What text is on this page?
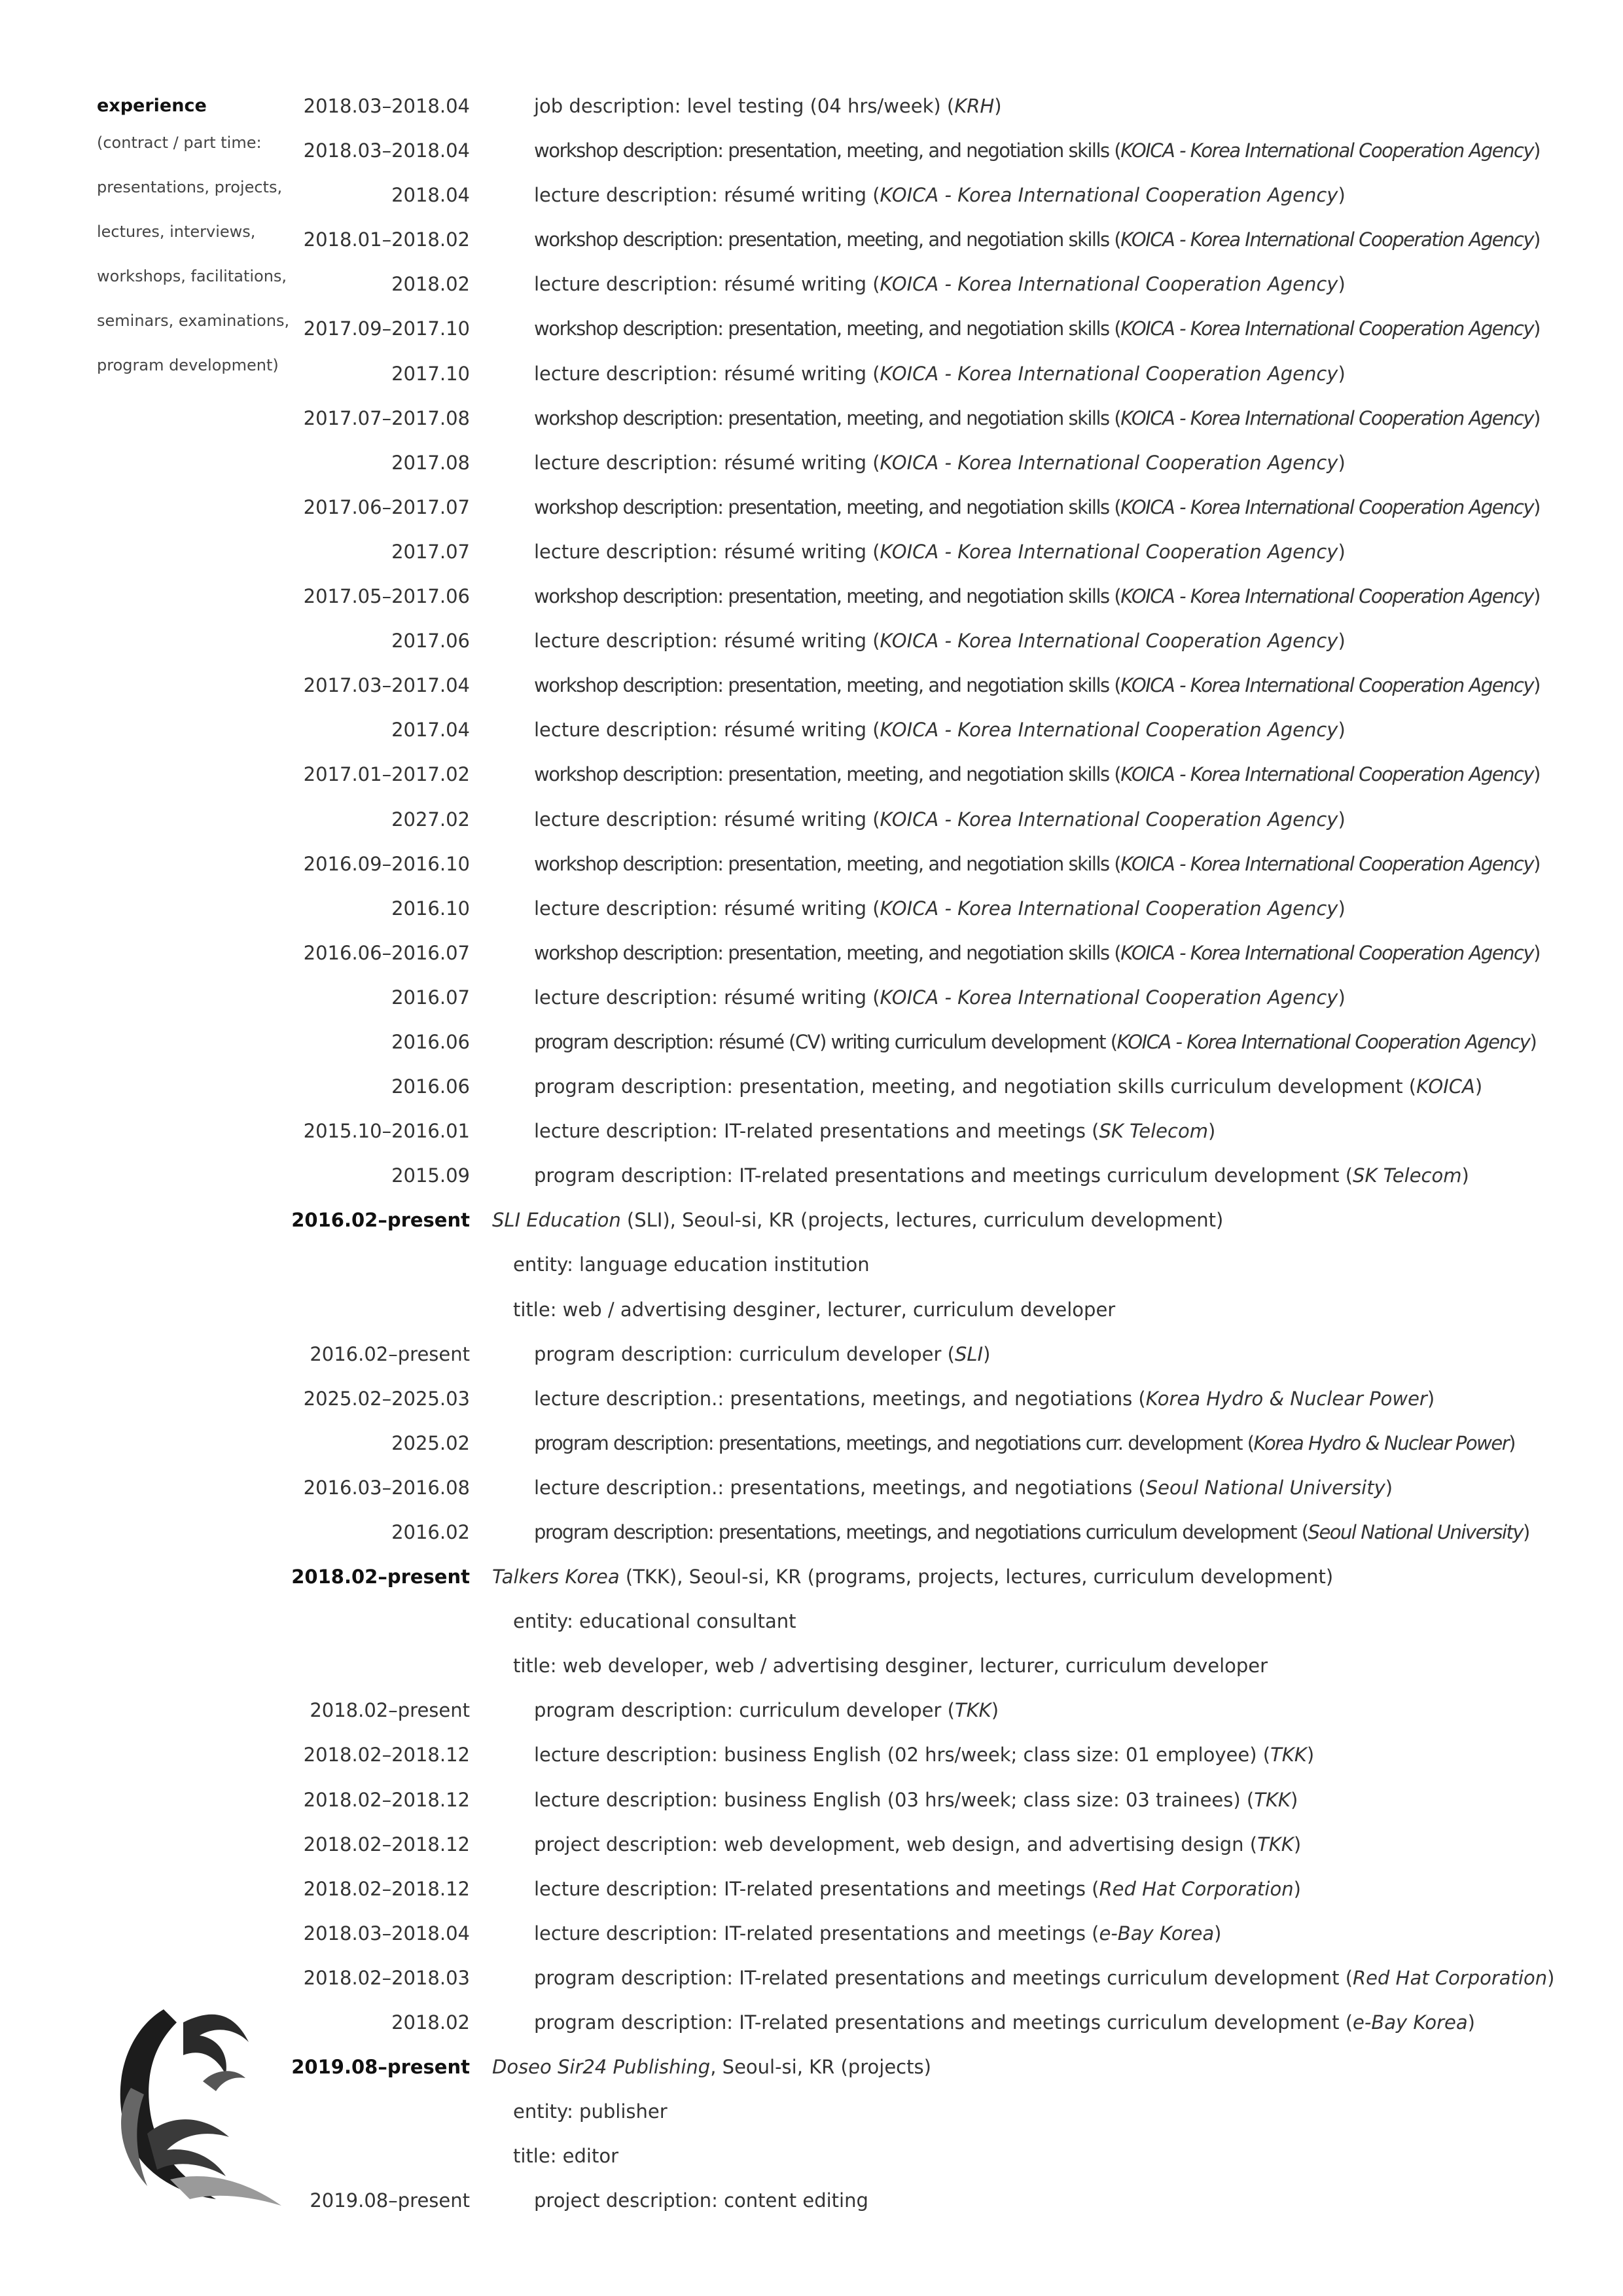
experience
(contract / part time:
presentations, projects,
lectures, interviews,
workshops, facilitations,
seminars, examinations,
program development)
2018.03–2018.04	job description: level testing (04 hrs/week) (KRH)
2018.03–2018.04	workshop description: presentation, meeting, and negotiation skills (KOICA - Korea International Cooperation Agency)
2018.04	lecture description: résumé writing (KOICA - Korea International Cooperation Agency)
2018.01–2018.02	workshop description: presentation, meeting, and negotiation skills (KOICA - Korea International Cooperation Agency)
2018.02	lecture description: résumé writing (KOICA - Korea International Cooperation Agency)
2017.09–2017.10	workshop description: presentation, meeting, and negotiation skills (KOICA - Korea International Cooperation Agency)
2017.10	lecture description: résumé writing (KOICA - Korea International Cooperation Agency)
2017.07–2017.08	workshop description: presentation, meeting, and negotiation skills (KOICA - Korea International Cooperation Agency)
2017.08	lecture description: résumé writing (KOICA - Korea International Cooperation Agency)
2017.06–2017.07	workshop description: presentation, meeting, and negotiation skills (KOICA - Korea International Cooperation Agency)
2017.07	lecture description: résumé writing (KOICA - Korea International Cooperation Agency)
2017.05–2017.06	workshop description: presentation, meeting, and negotiation skills (KOICA - Korea International Cooperation Agency)
2017.06	lecture description: résumé writing (KOICA - Korea International Cooperation Agency)
2017.03–2017.04	workshop description: presentation, meeting, and negotiation skills (KOICA - Korea International Cooperation Agency)
2017.04	lecture description: résumé writing (KOICA - Korea International Cooperation Agency)
2017.01–2017.02	workshop description: presentation, meeting, and negotiation skills (KOICA - Korea International Cooperation Agency)
2027.02	lecture description: résumé writing (KOICA - Korea International Cooperation Agency)
2016.09–2016.10	workshop description: presentation, meeting, and negotiation skills (KOICA - Korea International Cooperation Agency)
2016.10	lecture description: résumé writing (KOICA - Korea International Cooperation Agency)
2016.06–2016.07	workshop description: presentation, meeting, and negotiation skills (KOICA - Korea International Cooperation Agency)
2016.07	lecture description: résumé writing (KOICA - Korea International Cooperation Agency)
2016.06	program description: résumé (CV) writing curriculum development (KOICA - Korea International Cooperation Agency)
2016.06	program description: presentation, meeting, and negotiation skills curriculum development (KOICA)
2015.10–2016.01	lecture description: IT-related presentations and meetings (SK Telecom)
2015.09	program description: IT-related presentations and meetings curriculum development (SK Telecom)
2016.02–present SLI Education (SLI), Seoul-si, KR (projects, lectures, curriculum development)
entity: language education institution
title: web / advertising desginer, lecturer, curriculum developer
2016.02–present	program description: curriculum developer (SLI)
2025.02–2025.03	lecture description.: presentations, meetings, and negotiations (Korea Hydro & Nuclear Power)
2025.02	program description: presentations, meetings, and negotiations curr. development (Korea Hydro & Nuclear Power)
2016.03–2016.08	lecture description.: presentations, meetings, and negotiations (Seoul National University)
2016.02	program description: presentations, meetings, and negotiations curriculum development (Seoul National University)
2018.02–present Talkers Korea (TKK), Seoul-si, KR (programs, projects, lectures, curriculum development)
entity: educational consultant
title: web developer, web / advertising desginer, lecturer, curriculum developer
2018.02–present	program description: curriculum developer (TKK)
2018.02–2018.12	lecture description: business English (02 hrs/week; class size: 01 employee) (TKK)
2018.02–2018.12	lecture description: business English (03 hrs/week; class size: 03 trainees) (TKK)
2018.02–2018.12	project description: web development, web design, and advertising design (TKK)
2018.02–2018.12	lecture description: IT-related presentations and meetings (Red Hat Corporation)
2018.03–2018.04	lecture description: IT-related presentations and meetings (e-Bay Korea)
2018.02–2018.03	program description: IT-related presentations and meetings curriculum development (Red Hat Corporation)
2018.02	program description: IT-related presentations and meetings curriculum development (e-Bay Korea)
2019.08–present Doseo Sir24 Publishing, Seoul-si, KR (projects)
entity: publisher
title: editor
2019.08–present	project description: content editing
